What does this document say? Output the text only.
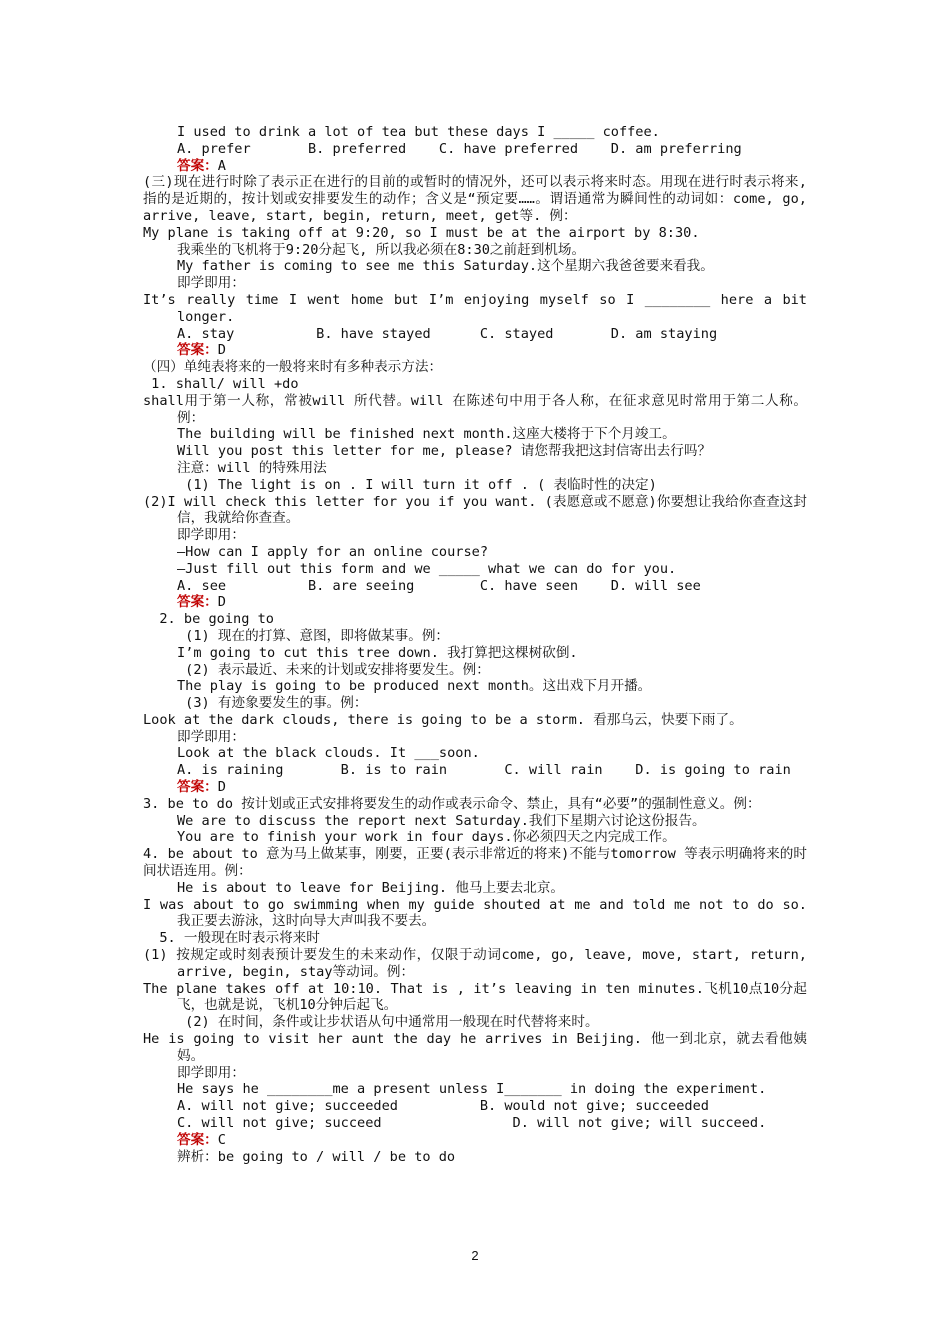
I used to drink a lot of tea but these days I _____ coffee.
A. prefer       B. preferred    C. have preferred    D. am preferring
答案：A
(三)现在进行时除了表示正在进行的目前的或暂时的情况外，还可以表示将来时态。用现在进行时表示将来, 指的是近期的，按计划或安排要发生的动作；含义是“预定要……。谓语通常为瞬间性的动词如：come, go, arrive, leave, start, begin, return, meet, get等. 例：
My plane is taking off at 9:20, so I must be at the airport by 8:30.
我乘坐的飞机将于9:20分起飞, 所以我必须在8:30之前赶到机场。
My father is coming to see me this Saturday.这个星期六我爸爸要来看我。
即学即用：
It’s really time I went home but I’m enjoying myself so I ________ here a bit longer.
A. stay          B. have stayed      C. stayed       D. am staying
答案：D
（四）单纯表将来的一般将来时有多种表示方法：
1. shall/ will +do
shall用于第一人称，常被will 所代替。will 在陈述句中用于各人称，在征求意见时常用于第二人称。例：
The building will be finished next month.这座大楼将于下个月竣工。
Will you post this letter for me, please? 请您帮我把这封信寄出去行吗？
注意：will 的特殊用法
(1) The light is on . I will turn it off . ( 表临时性的决定)
(2)I will check this letter for you if you want. (表愿意或不愿意)你要想让我给你查查这封信，我就给你查查。
即学即用：
—How can I apply for an online course?
—Just fill out this form and we _____ what we can do for you.
A. see          B. are seeing        C. have seen    D. will see
答案：D
2. be going to
(1) 现在的打算、意图，即将做某事。例：
I’m going to cut this tree down. 我打算把这棵树砍倒.
(2) 表示最近、未来的计划或安排将要发生。例：
The play is going to be produced next month。这出戏下月开播。
(3) 有迹象要发生的事。例：
Look at the dark clouds, there is going to be a storm. 看那乌云，快要下雨了。
即学即用：
Look at the black clouds. It ___soon.
A. is raining       B. is to rain       C. will rain    D. is going to rain
答案：D
3. be to do 按计划或正式安排将要发生的动作或表示命令、禁止，具有“必要”的强制性意义。例：
We are to discuss the report next Saturday.我们下星期六讨论这份报告。
You are to finish your work in four days.你必须四天之内完成工作。
4. be about to 意为马上做某事，刚要，正要(表示非常近的将来)不能与tomorrow 等表示明确将来的时间状语连用。例：
He is about to leave for Beijing. 他马上要去北京。
I was about to go swimming when my guide shouted at me and told me not to do so.我正要去游泳，这时向导大声叫我不要去。
5. 一般现在时表示将来时
(1) 按规定或时刻表预计要发生的未来动作，仅限于动词come, go, leave, move, start, return, arrive, begin, stay等动词。例：
The plane takes off at 10:10. That is , it’s leaving in ten minutes.飞机10点10分起飞，也就是说，飞机10分钟后起飞。
(2) 在时间，条件或让步状语从句中通常用一般现在时代替将来时。
He is going to visit her aunt the day he arrives in Beijing. 他一到北京，就去看他姨妈。
即学即用：
He says he ________me a present unless I_______ in doing the experiment.
A. will not give; succeeded          B. would not give; succeeded
C. will not give; succeed                D. will not give; will succeed.
答案：C
辨析：be going to / will / be to do
2
